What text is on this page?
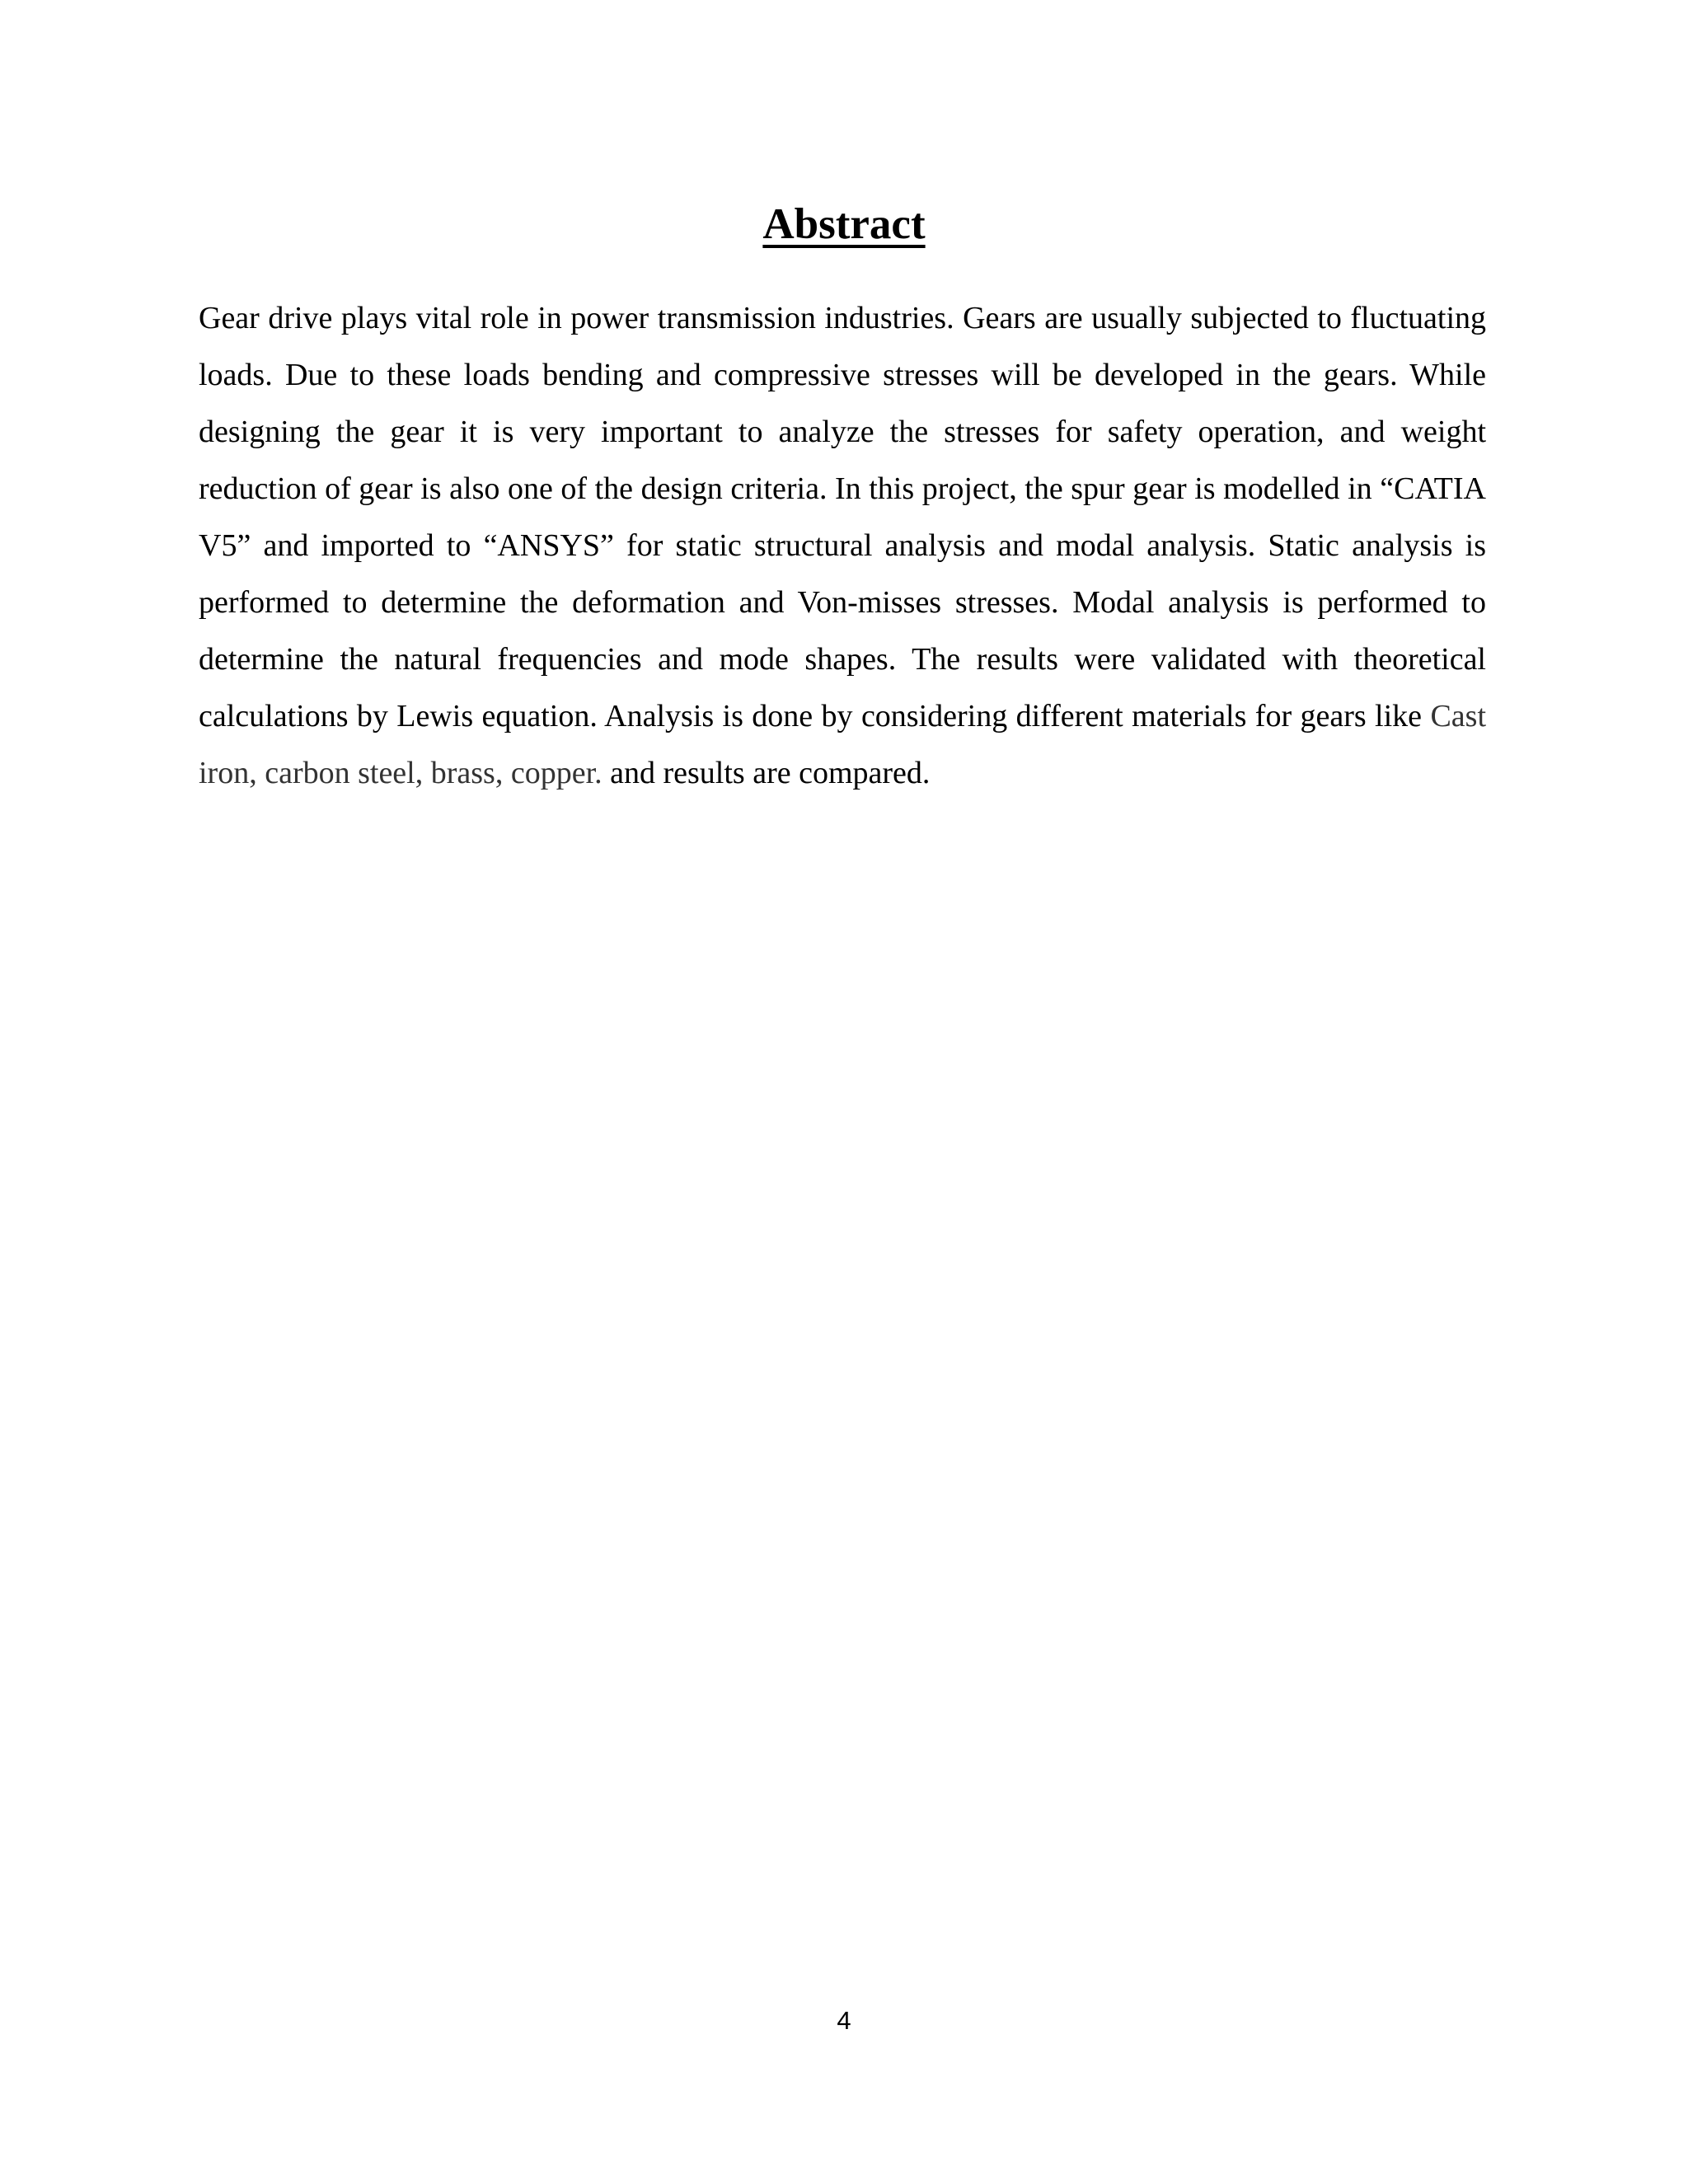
Abstract

Gear drive plays vital role in power transmission industries. Gears are usually subjected to fluctuating loads. Due to these loads bending and compressive stresses will be developed in the gears. While designing the gear it is very important to analyze the stresses for safety operation, and weight reduction of gear is also one of the design criteria. In this project, the spur gear is modelled in “CATIA V5” and imported to “ANSYS” for static structural analysis and modal analysis. Static analysis is performed to determine the deformation and Von-misses stresses. Modal analysis is performed to determine the natural frequencies and mode shapes. The results were validated with theoretical calculations by Lewis equation. Analysis is done by considering different materials for gears like Cast iron, carbon steel, brass, copper. and results are compared.

4
